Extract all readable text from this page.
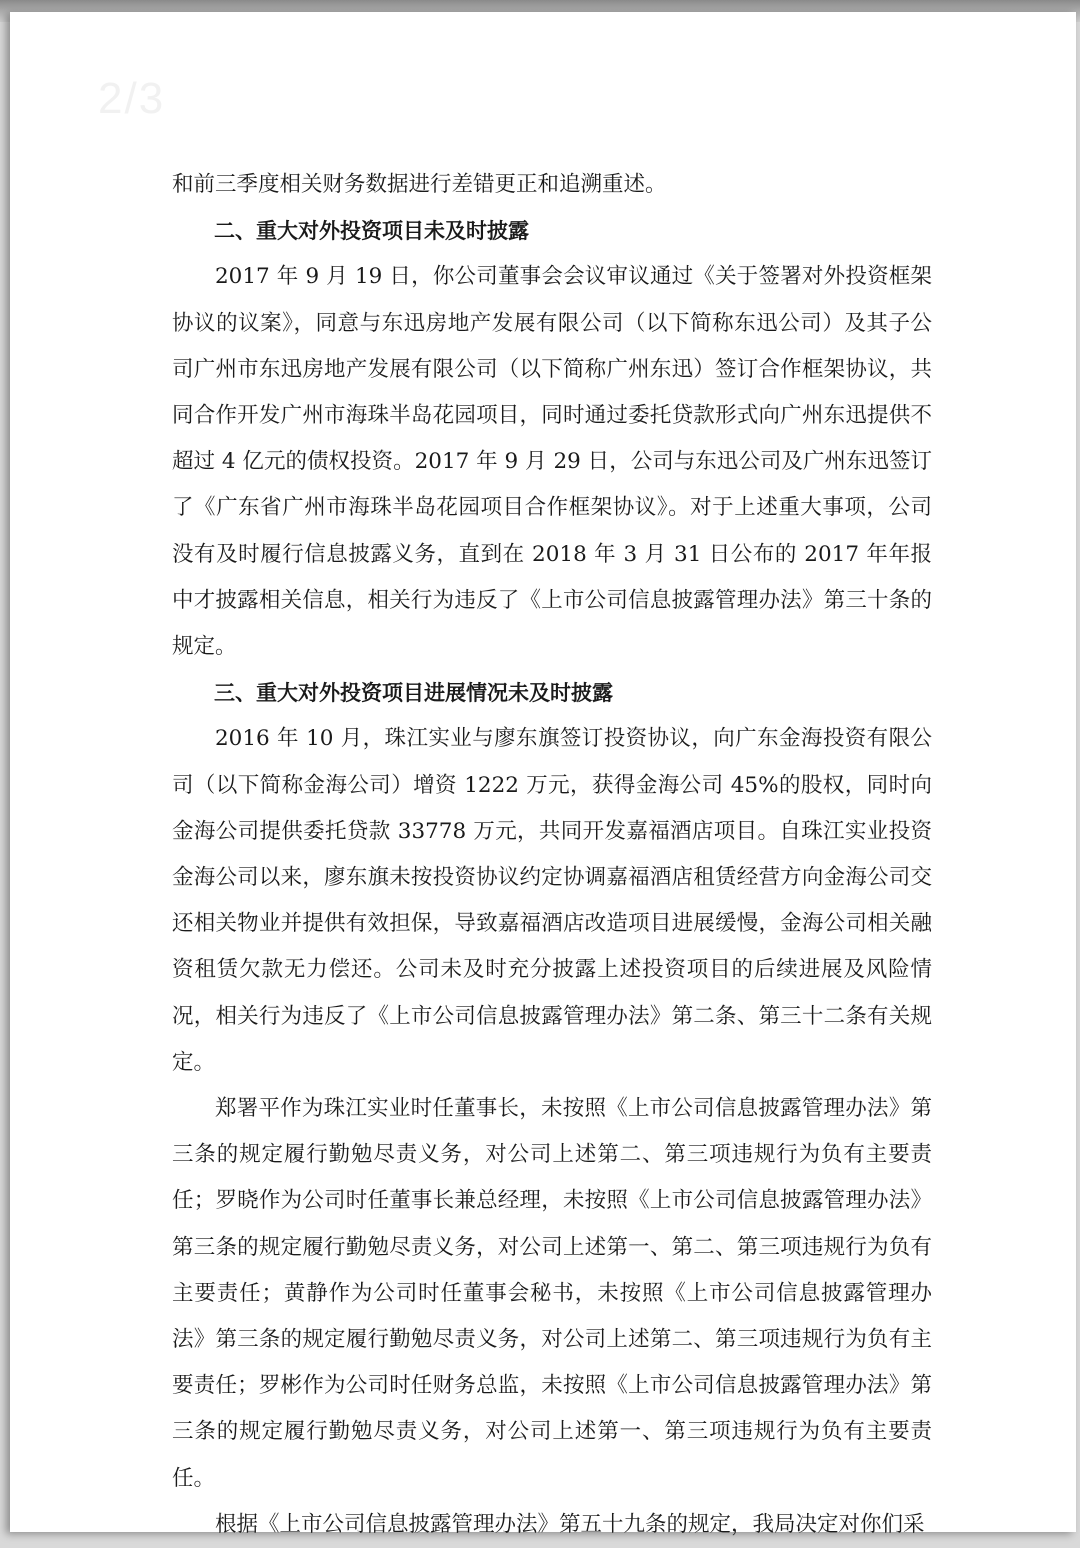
2/3

和前三季度相关财务数据进行差错更正和追溯重述。

二、重大对外投资项目未及时披露

2017 年 9 月 19 日，你公司董事会会议审议通过《关于签署对外投资框架协议的议案》，同意与东迅房地产发展有限公司（以下简称东迅公司）及其子公司广州市东迅房地产发展有限公司（以下简称广州东迅）签订合作框架协议，共同合作开发广州市海珠半岛花园项目，同时通过委托贷款形式向广州东迅提供不超过 4 亿元的债权投资。2017 年 9 月 29 日，公司与东迅公司及广州东迅签订了《广东省广州市海珠半岛花园项目合作框架协议》。对于上述重大事项，公司没有及时履行信息披露义务，直到在 2018 年 3 月 31 日公布的 2017 年年报中才披露相关信息，相关行为违反了《上市公司信息披露管理办法》第三十条的规定。

三、重大对外投资项目进展情况未及时披露

2016 年 10 月，珠江实业与廖东旗签订投资协议，向广东金海投资有限公司（以下简称金海公司）增资 1222 万元，获得金海公司 45%的股权，同时向金海公司提供委托贷款 33778 万元，共同开发嘉福酒店项目。自珠江实业投资金海公司以来，廖东旗未按投资协议约定协调嘉福酒店租赁经营方向金海公司交还相关物业并提供有效担保，导致嘉福酒店改造项目进展缓慢，金海公司相关融资租赁欠款无力偿还。公司未及时充分披露上述投资项目的后续进展及风险情况，相关行为违反了《上市公司信息披露管理办法》第二条、第三十二条有关规定。

郑署平作为珠江实业时任董事长，未按照《上市公司信息披露管理办法》第三条的规定履行勤勉尽责义务，对公司上述第二、第三项违规行为负有主要责任；罗晓作为公司时任董事长兼总经理，未按照《上市公司信息披露管理办法》第三条的规定履行勤勉尽责义务，对公司上述第一、第二、第三项违规行为负有主要责任；黄静作为公司时任董事会秘书，未按照《上市公司信息披露管理办法》第三条的规定履行勤勉尽责义务，对公司上述第二、第三项违规行为负有主要责任；罗彬作为公司时任财务总监，未按照《上市公司信息披露管理办法》第三条的规定履行勤勉尽责义务，对公司上述第一、第三项违规行为负有主要责任。

根据《上市公司信息披露管理办法》第五十九条的规定，我局决定对你们采
